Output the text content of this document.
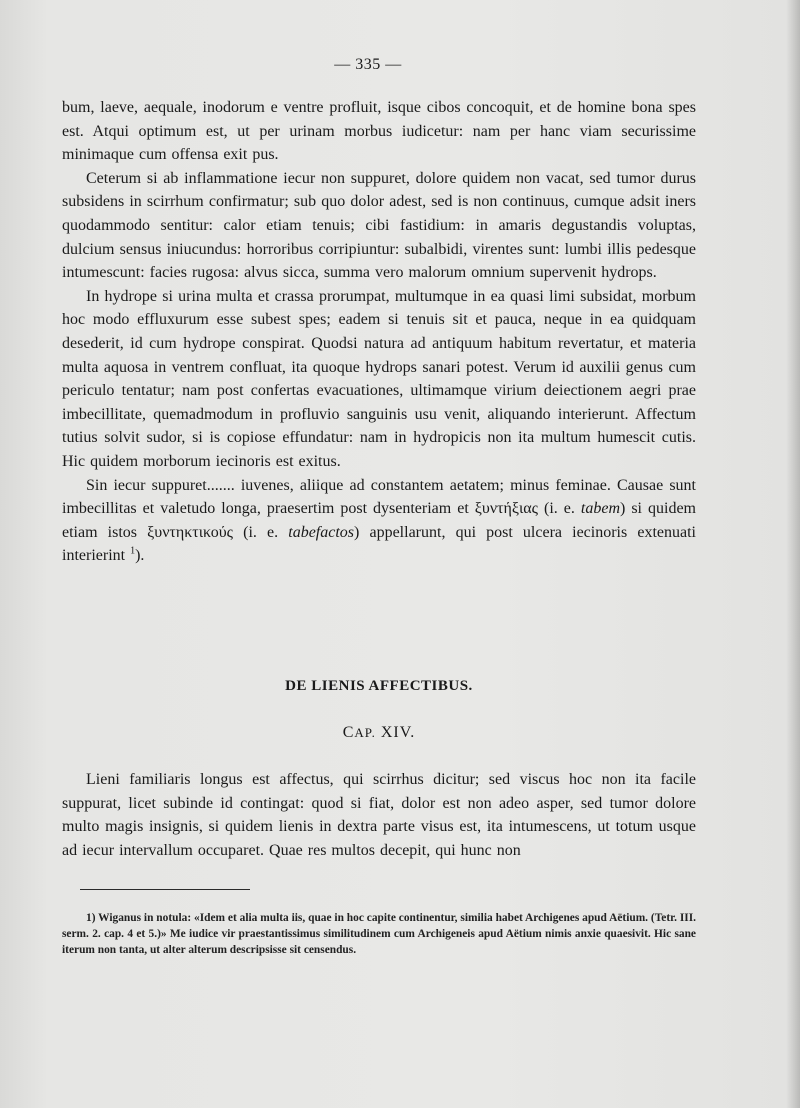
— 335 —

bum, laeve, aequale, inodorum e ventre profluit, isque cibos concoquit, et de homine bona spes est. Atqui optimum est, ut per urinam morbus iudicetur: nam per hanc viam securissime minimaque cum offensa exit pus.

Ceterum si ab inflammatione iecur non suppuret, dolore quidem non vacat, sed tumor durus subsidens in scirrhum confirmatur; sub quo dolor adest, sed is non continuus, cumque adsit iners quodammodo sentitur: calor etiam tenuis; cibi fastidium: in amaris degustandis voluptas, dulcium sensus iniucundus: horroribus corripiuntur: subalbidi, virentes sunt: lumbi illis pedesque intumescunt: facies rugosa: alvus sicca, summa vero malorum omnium supervenit hydrops.

In hydrope si urina multa et crassa prorumpat, multumque in ea quasi limi subsidat, morbum hoc modo effluxurum esse subest spes; eadem si tenuis sit et pauca, neque in ea quidquam desederit, id cum hydrope conspirat. Quodsi natura ad antiquum habitum revertatur, et materia multa aquosa in ventrem confluat, ita quoque hydrops sanari potest. Verum id auxilii genus cum periculo tentatur; nam post confertas evacuationes, ultimamque virium deiectionem aegri prae imbecillitate, quemadmodum in profluvio sanguinis usu venit, aliquando interierunt. Affectum tutius solvit sudor, si is copiose effundatur: nam in hydropicis non ita multum humescit cutis. Hic quidem morborum iecinoris est exitus.

Sin iecur suppuret....... iuvenes, aliique ad constantem aetatem; minus feminae. Causae sunt imbecillitas et valetudo longa, praesertim post dysenteriam et ξυντήξιας (i. e. tabem) si quidem etiam istos ξυντηκτικούς (i. e. tabefactos) appellarunt, qui post ulcera iecinoris extenuati interierint $^1$).

DE LIENIS AFFECTIBUS.
CAP. XIV.

Lieni familiaris longus est affectus, qui scirrhus dicitur; sed viscus hoc non ita facile suppurat, licet subinde id contingat: quod si fiat, dolor est non adeo asper, sed tumor dolore multo magis insignis, si quidem lienis in dextra parte visus est, ita intumescens, ut totum usque ad iecur intervallum occuparet. Quae res multos decepit, qui hunc non

1) Wiganus in notula: «Idem et alia multa iis, quae in hoc capite continentur, similia habet Archigenes apud Aëtium. (Tetr. III. serm. 2. cap. 4 et 5.)» Me iudice vir praestantissimus similitudinem cum Archigeneis apud Aëtium nimis anxie quaesivit. Hic sane iterum non tanta, ut alter alterum descripsisse sit censendus.
